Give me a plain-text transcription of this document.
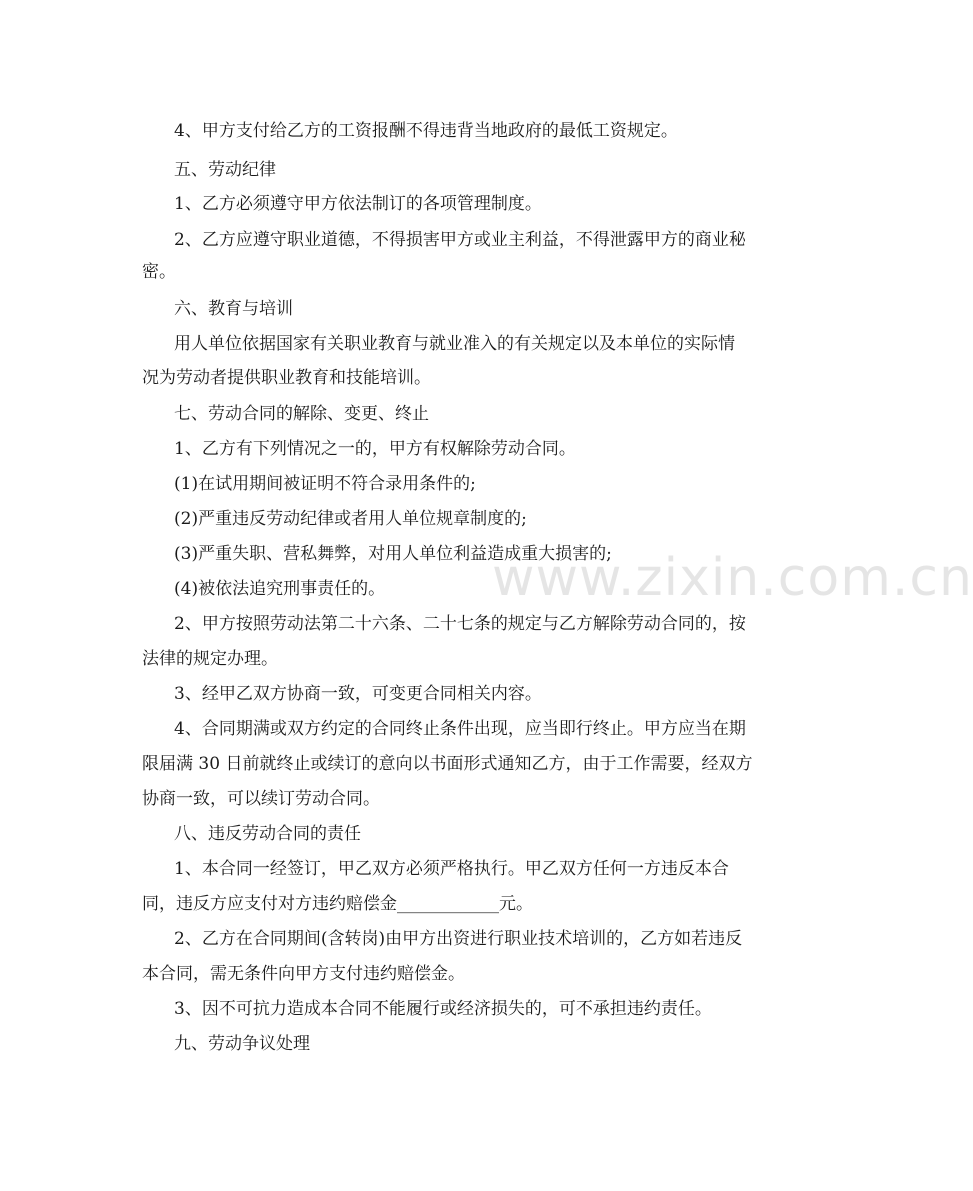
4、甲方支付给乙方的工资报酬不得违背当地政府的最低工资规定。
五、劳动纪律
1、乙方必须遵守甲方依法制订的各项管理制度。
2、乙方应遵守职业道德，不得损害甲方或业主利益，不得泄露甲方的商业秘
密。
六、教育与培训
用人单位依据国家有关职业教育与就业准入的有关规定以及本单位的实际情
况为劳动者提供职业教育和技能培训。
七、劳动合同的解除、变更、终止
1、乙方有下列情况之一的，甲方有权解除劳动合同。
(1)在试用期间被证明不符合录用条件的;
(2)严重违反劳动纪律或者用人单位规章制度的;
(3)严重失职、营私舞弊，对用人单位利益造成重大损害的;
(4)被依法追究刑事责任的。
2、甲方按照劳动法第二十六条、二十七条的规定与乙方解除劳动合同的，按
法律的规定办理。
3、经甲乙双方协商一致，可变更合同相关内容。
4、合同期满或双方约定的合同终止条件出现，应当即行终止。甲方应当在期
限届满 30 日前就终止或续订的意向以书面形式通知乙方，由于工作需要，经双方
协商一致，可以续订劳动合同。
八、违反劳动合同的责任
1、本合同一经签订，甲乙双方必须严格执行。甲乙双方任何一方违反本合
同，违反方应支付对方违约赔偿金____________元。
2、乙方在合同期间(含转岗)由甲方出资进行职业技术培训的，乙方如若违反
本合同，需无条件向甲方支付违约赔偿金。
3、因不可抗力造成本合同不能履行或经济损失的，可不承担违约责任。
九、劳动争议处理
www.zixin.com.cn
